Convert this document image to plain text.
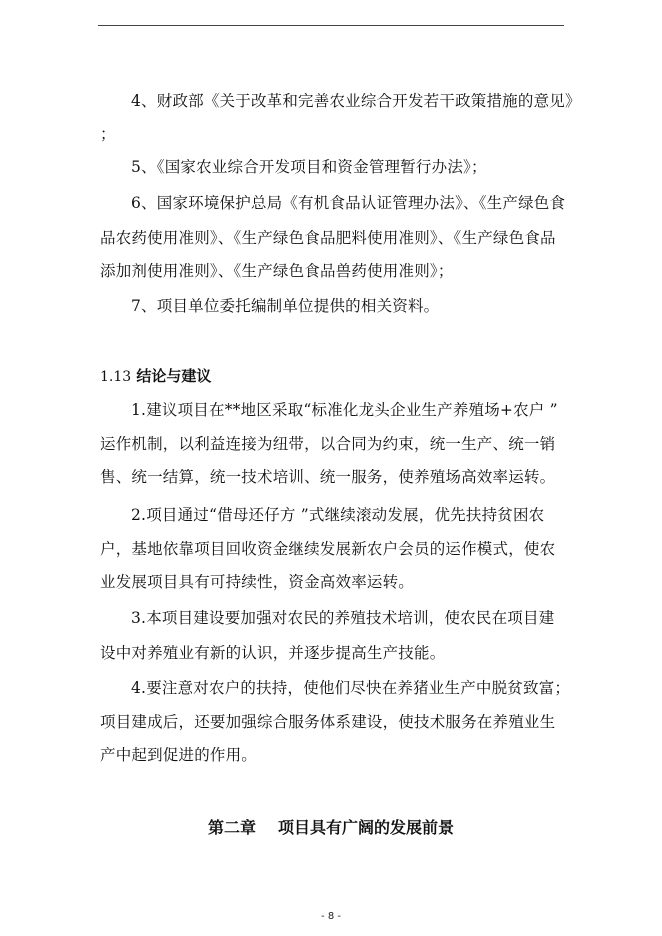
4、财政部《关于改革和完善农业综合开发若干政策措施的意见》
；
5、《国家农业综合开发项目和资金管理暂行办法》；
6、国家环境保护总局《有机食品认证管理办法》、《生产绿色食
品农药使用准则》、《生产绿色食品肥料使用准则》、《生产绿色食品
添加剂使用准则》、《生产绿色食品兽药使用准则》；
7、项目单位委托编制单位提供的相关资料。
1.13 结论与建议
1.建议项目在**地区采取“标准化龙头企业生产养殖场+农户 ”
运作机制，以利益连接为纽带，以合同为约束，统一生产、统一销
售、统一结算，统一技术培训、统一服务，使养殖场高效率运转。
2.项目通过“借母还仔方 ”式继续滚动发展，优先扶持贫困农
户，基地依靠项目回收资金继续发展新农户会员的运作模式，使农
业发展项目具有可持续性，资金高效率运转。
3.本项目建设要加强对农民的养殖技术培训，使农民在项目建
设中对养殖业有新的认识，并逐步提高生产技能。
4.要注意对农户的扶持，使他们尽快在养猪业生产中脱贫致富；
项目建成后，还要加强综合服务体系建设，使技术服务在养殖业生
产中起到促进的作用。
第二章 项目具有广阔的发展前景
- 8 -
